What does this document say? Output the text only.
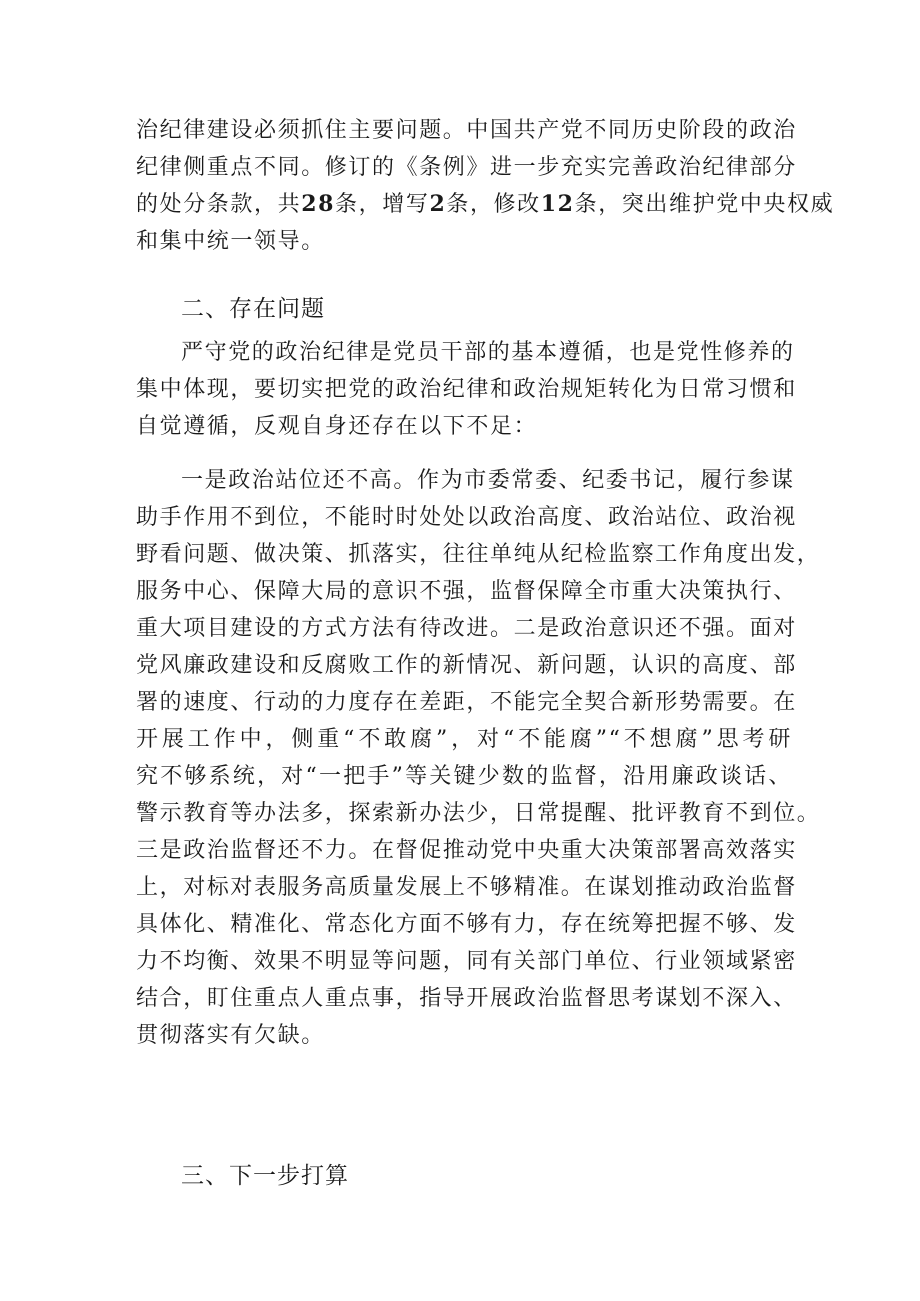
治纪律建设必须抓住主要问题。中国共产党不同历史阶段的政治
纪律侧重点不同。修订的《条例》进一步充实完善政治纪律部分
的处分条款，共28条，增写2条，修改12条，突出维护党中央权威
和集中统一领导。
二、存在问题
严守党的政治纪律是党员干部的基本遵循，也是党性修养的
集中体现，要切实把党的政治纪律和政治规矩转化为日常习惯和
自觉遵循，反观自身还存在以下不足：
一是政治站位还不高。作为市委常委、纪委书记，履行参谋
助手作用不到位，不能时时处处以政治高度、政治站位、政治视
野看问题、做决策、抓落实，往往单纯从纪检监察工作角度出发，
服务中心、保障大局的意识不强，监督保障全市重大决策执行、
重大项目建设的方式方法有待改进。二是政治意识还不强。面对
党风廉政建设和反腐败工作的新情况、新问题，认识的高度、部
署的速度、行动的力度存在差距，不能完全契合新形势需要。在
开展工作中，侧重“不敢腐”，对“不能腐”“不想腐”思考研
究不够系统，对“一把手”等关键少数的监督，沿用廉政谈话、
警示教育等办法多，探索新办法少，日常提醒、批评教育不到位。
三是政治监督还不力。在督促推动党中央重大决策部署高效落实
上，对标对表服务高质量发展上不够精准。在谋划推动政治监督
具体化、精准化、常态化方面不够有力，存在统筹把握不够、发
力不均衡、效果不明显等问题，同有关部门单位、行业领域紧密
结合，盯住重点人重点事，指导开展政治监督思考谋划不深入、
贯彻落实有欠缺。
三、下一步打算
